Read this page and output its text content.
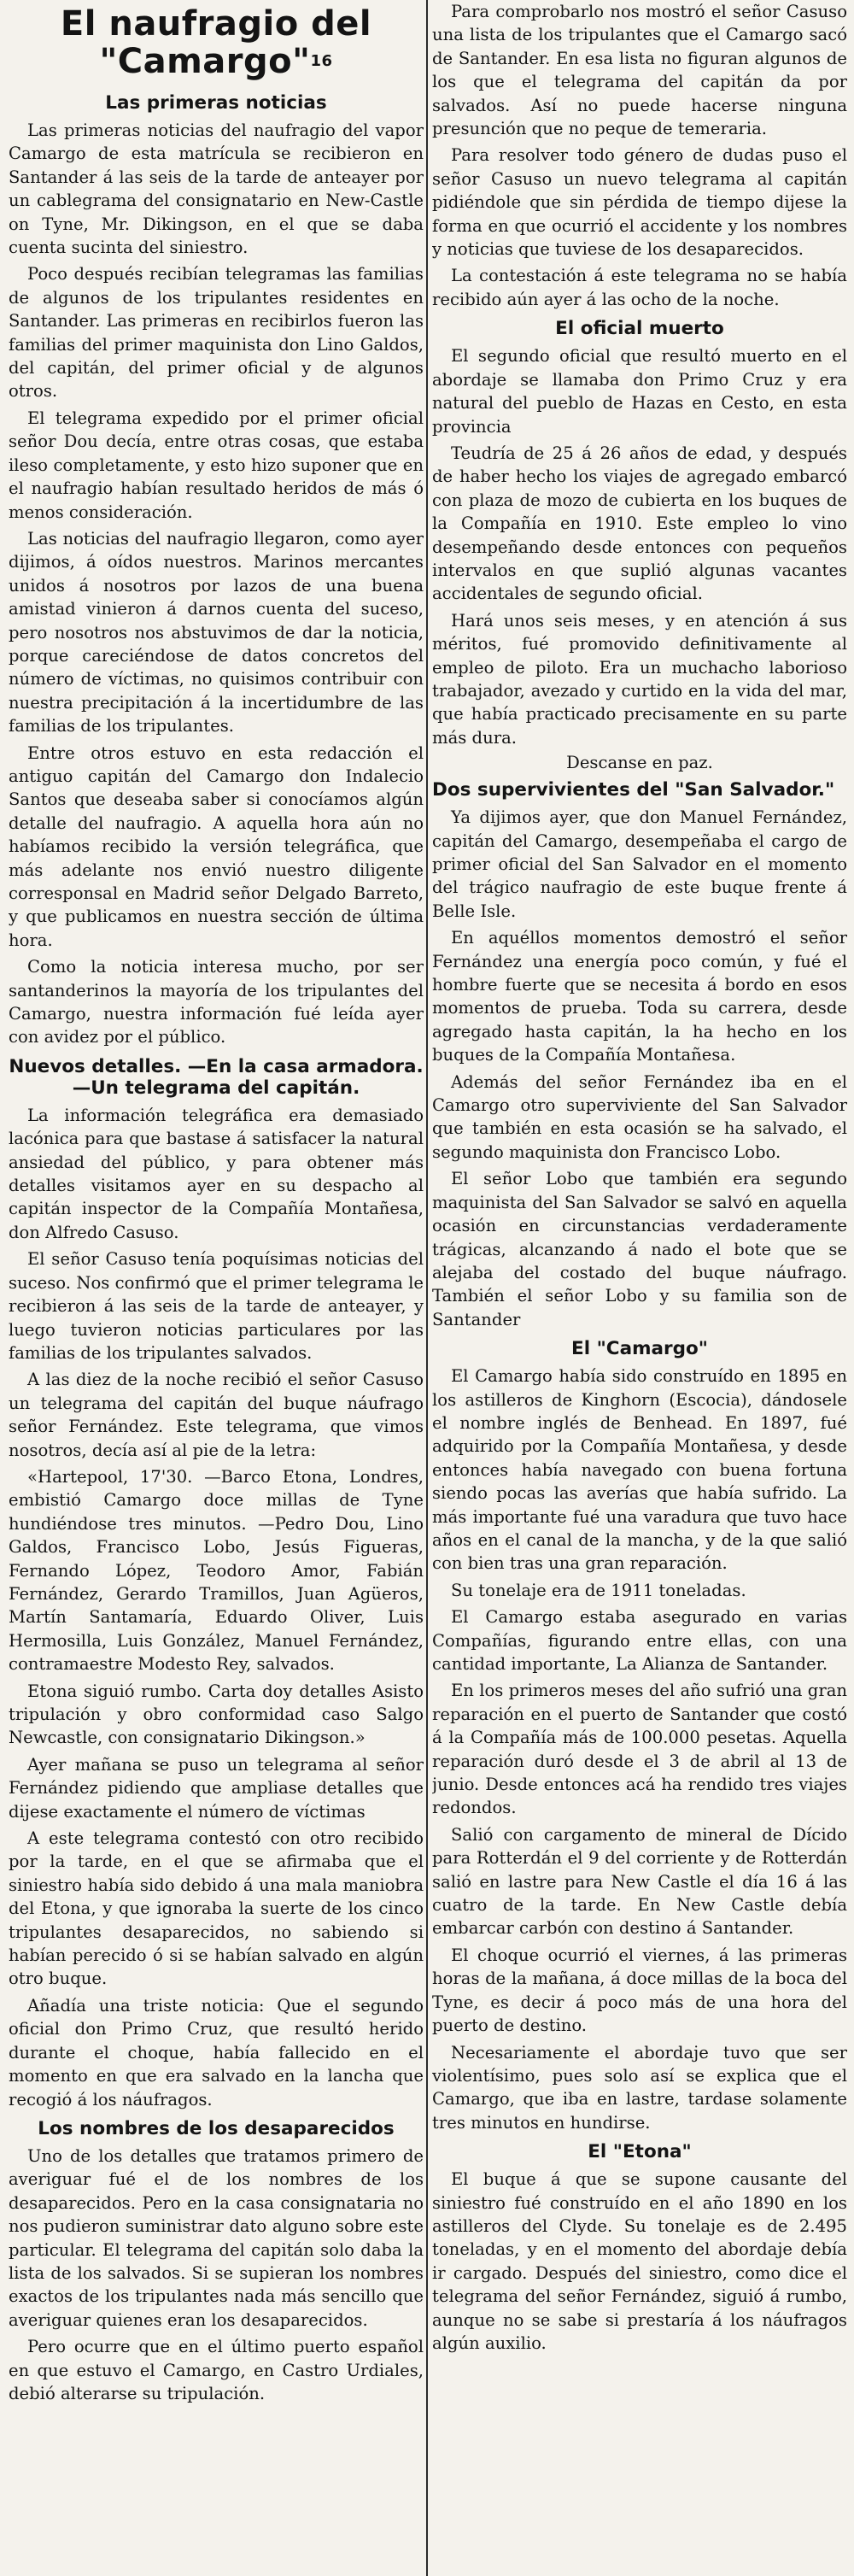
El naufragio del "Camargo"$^{16}$
Las primeras noticias

Las primeras noticias del naufragio del vapor Camargo de esta matrícula se recibieron en Santander á las seis de la tarde de anteayer por un cablegrama del consignatario en New-Castle on Tyne, Mr. Dikingson, en el que se daba cuenta sucinta del siniestro.

Poco después recibían telegramas las familias de algunos de los tripulantes residentes en Santander. Las primeras en recibirlos fueron las familias del primer maquinista don Lino Galdos, del capitán, del primer oficial y de algunos otros.

El telegrama expedido por el primer oficial señor Dou decía, entre otras cosas, que estaba ileso completamente, y esto hizo suponer que en el naufragio habían resultado heridos de más ó menos consideración.

Las noticias del naufragio llegaron, como ayer dijimos, á oídos nuestros. Marinos mercantes unidos á nosotros por lazos de una buena amistad vinieron á darnos cuenta del suceso, pero nosotros nos abstuvimos de dar la noticia, porque careciéndose de datos concretos del número de víctimas, no quisimos contribuir con nuestra precipitación á la incertidumbre de las familias de los tripulantes.

Entre otros estuvo en esta redacción el antiguo capitán del Camargo don Indalecio Santos que deseaba saber si conocíamos algún detalle del naufragio. A aquella hora aún no habíamos recibido la versión telegráfica, que más adelante nos envió nuestro diligente corresponsal en Madrid señor Delgado Barreto, y que publicamos en nuestra sección de última hora.

Como la noticia interesa mucho, por ser santanderinos la mayoría de los tripulantes del Camargo, nuestra información fué leída ayer con avidez por el público.

Nuevos detalles. —En la casa armadora. —Un telegrama del capitán.

La información telegráfica era demasiado lacónica para que bastase á satisfacer la natural ansiedad del público, y para obtener más detalles visitamos ayer en su despacho al capitán inspector de la Compañía Montañesa, don Alfredo Casuso.

El señor Casuso tenía poquísimas noticias del suceso. Nos confirmó que el primer telegrama le recibieron á las seis de la tarde de anteayer, y luego tuvieron noticias particulares por las familias de los tripulantes salvados.

A las diez de la noche recibió el señor Casuso un telegrama del capitán del buque náufrago señor Fernández. Este telegrama, que vimos nosotros, decía así al pie de la letra:

«Hartepool, 17'30. —Barco Etona, Londres, embistió Camargo doce millas de Tyne hundiéndose tres minutos. —Pedro Dou, Lino Galdos, Francisco Lobo, Jesús Figueras, Fernando López, Teodoro Amor, Fabián Fernández, Gerardo Tramillos, Juan Agüeros, Martín Santamaría, Eduardo Oliver, Luis Hermosilla, Luis González, Manuel Fernández, contramaestre Modesto Rey, salvados.

Etona siguió rumbo. Carta doy detalles Asisto tripulación y obro conformidad caso Salgo Newcastle, con consignatario Dikingson.»

Ayer mañana se puso un telegrama al señor Fernández pidiendo que ampliase detalles que dijese exactamente el número de víctimas

A este telegrama contestó con otro recibido por la tarde, en el que se afirmaba que el siniestro había sido debido á una mala maniobra del Etona, y que ignoraba la suerte de los cinco tripulantes desaparecidos, no sabiendo si habían perecido ó si se habían salvado en algún otro buque.

Añadía una triste noticia: Que el segundo oficial don Primo Cruz, que resultó herido durante el choque, había fallecido en el momento en que era salvado en la lancha que recogió á los náufragos.

Los nombres de los desaparecidos

Uno de los detalles que tratamos primero de averiguar fué el de los nombres de los desaparecidos. Pero en la casa consignataria no nos pudieron suministrar dato alguno sobre este particular. El telegrama del capitán solo daba la lista de los salvados. Si se supieran los nombres exactos de los tripulantes nada más sencillo que averiguar quienes eran los desaparecidos.

Pero ocurre que en el último puerto español en que estuvo el Camargo, en Castro Urdiales, debió alterarse su tripulación.

Para comprobarlo nos mostró el señor Casuso una lista de los tripulantes que el Camargo sacó de Santander. En esa lista no figuran algunos de los que el telegrama del capitán da por salvados. Así no puede hacerse ninguna presunción que no peque de temeraria.

Para resolver todo género de dudas puso el señor Casuso un nuevo telegrama al capitán pidiéndole que sin pérdida de tiempo dijese la forma en que ocurrió el accidente y los nombres y noticias que tuviese de los desaparecidos.

La contestación á este telegrama no se había recibido aún ayer á las ocho de la noche.

El oficial muerto

El segundo oficial que resultó muerto en el abordaje se llamaba don Primo Cruz y era natural del pueblo de Hazas en Cesto, en esta provincia

Teudría de 25 á 26 años de edad, y después de haber hecho los viajes de agregado embarcó con plaza de mozo de cubierta en los buques de la Compañía en 1910. Este empleo lo vino desempeñando desde entonces con pequeños intervalos en que suplió algunas vacantes accidentales de segundo oficial.

Hará unos seis meses, y en atención á sus méritos, fué promovido definitivamente al empleo de piloto. Era un muchacho laborioso trabajador, avezado y curtido en la vida del mar, que había practicado precisamente en su parte más dura.

Descanse en paz.
Dos supervivientes del "San Salvador."

Ya dijimos ayer, que don Manuel Fernández, capitán del Camargo, desempeñaba el cargo de primer oficial del San Salvador en el momento del trágico naufragio de este buque frente á Belle Isle.

En aquéllos momentos demostró el señor Fernández una energía poco común, y fué el hombre fuerte que se necesita á bordo en esos momentos de prueba. Toda su carrera, desde agregado hasta capitán, la ha hecho en los buques de la Compañía Montañesa.

Además del señor Fernández iba en el Camargo otro superviviente del San Salvador que también en esta ocasión se ha salvado, el segundo maquinista don Francisco Lobo.

El señor Lobo que también era segundo maquinista del San Salvador se salvó en aquella ocasión en circunstancias verdaderamente trágicas, alcanzando á nado el bote que se alejaba del costado del buque náufrago. También el señor Lobo y su familia son de Santander

El "Camargo"

El Camargo había sido construído en 1895 en los astilleros de Kinghorn (Escocia), dándosele el nombre inglés de Benhead. En 1897, fué adquirido por la Compañía Montañesa, y desde entonces había navegado con buena fortuna siendo pocas las averías que había sufrido. La más importante fué una varadura que tuvo hace años en el canal de la mancha, y de la que salió con bien tras una gran reparación.

Su tonelaje era de 1911 toneladas.

El Camargo estaba asegurado en varias Compañías, figurando entre ellas, con una cantidad importante, La Alianza de Santander.

En los primeros meses del año sufrió una gran reparación en el puerto de Santander que costó á la Compañía más de 100.000 pesetas. Aquella reparación duró desde el 3 de abril al 13 de junio. Desde entonces acá ha rendido tres viajes redondos.

Salió con cargamento de mineral de Dícido para Rotterdán el 9 del corriente y de Rotterdán salió en lastre para New Castle el día 16 á las cuatro de la tarde. En New Castle debía embarcar carbón con destino á Santander.

El choque ocurrió el viernes, á las primeras horas de la mañana, á doce millas de la boca del Tyne, es decir á poco más de una hora del puerto de destino.

Necesariamente el abordaje tuvo que ser violentísimo, pues solo así se explica que el Camargo, que iba en lastre, tardase solamente tres minutos en hundirse.

El "Etona"

El buque á que se supone causante del siniestro fué construído en el año 1890 en los astilleros del Clyde. Su tonelaje es de 2.495 toneladas, y en el momento del abordaje debía ir cargado. Después del siniestro, como dice el telegrama del señor Fernández, siguió á rumbo, aunque no se sabe si prestaría á los náufragos algún auxilio.
